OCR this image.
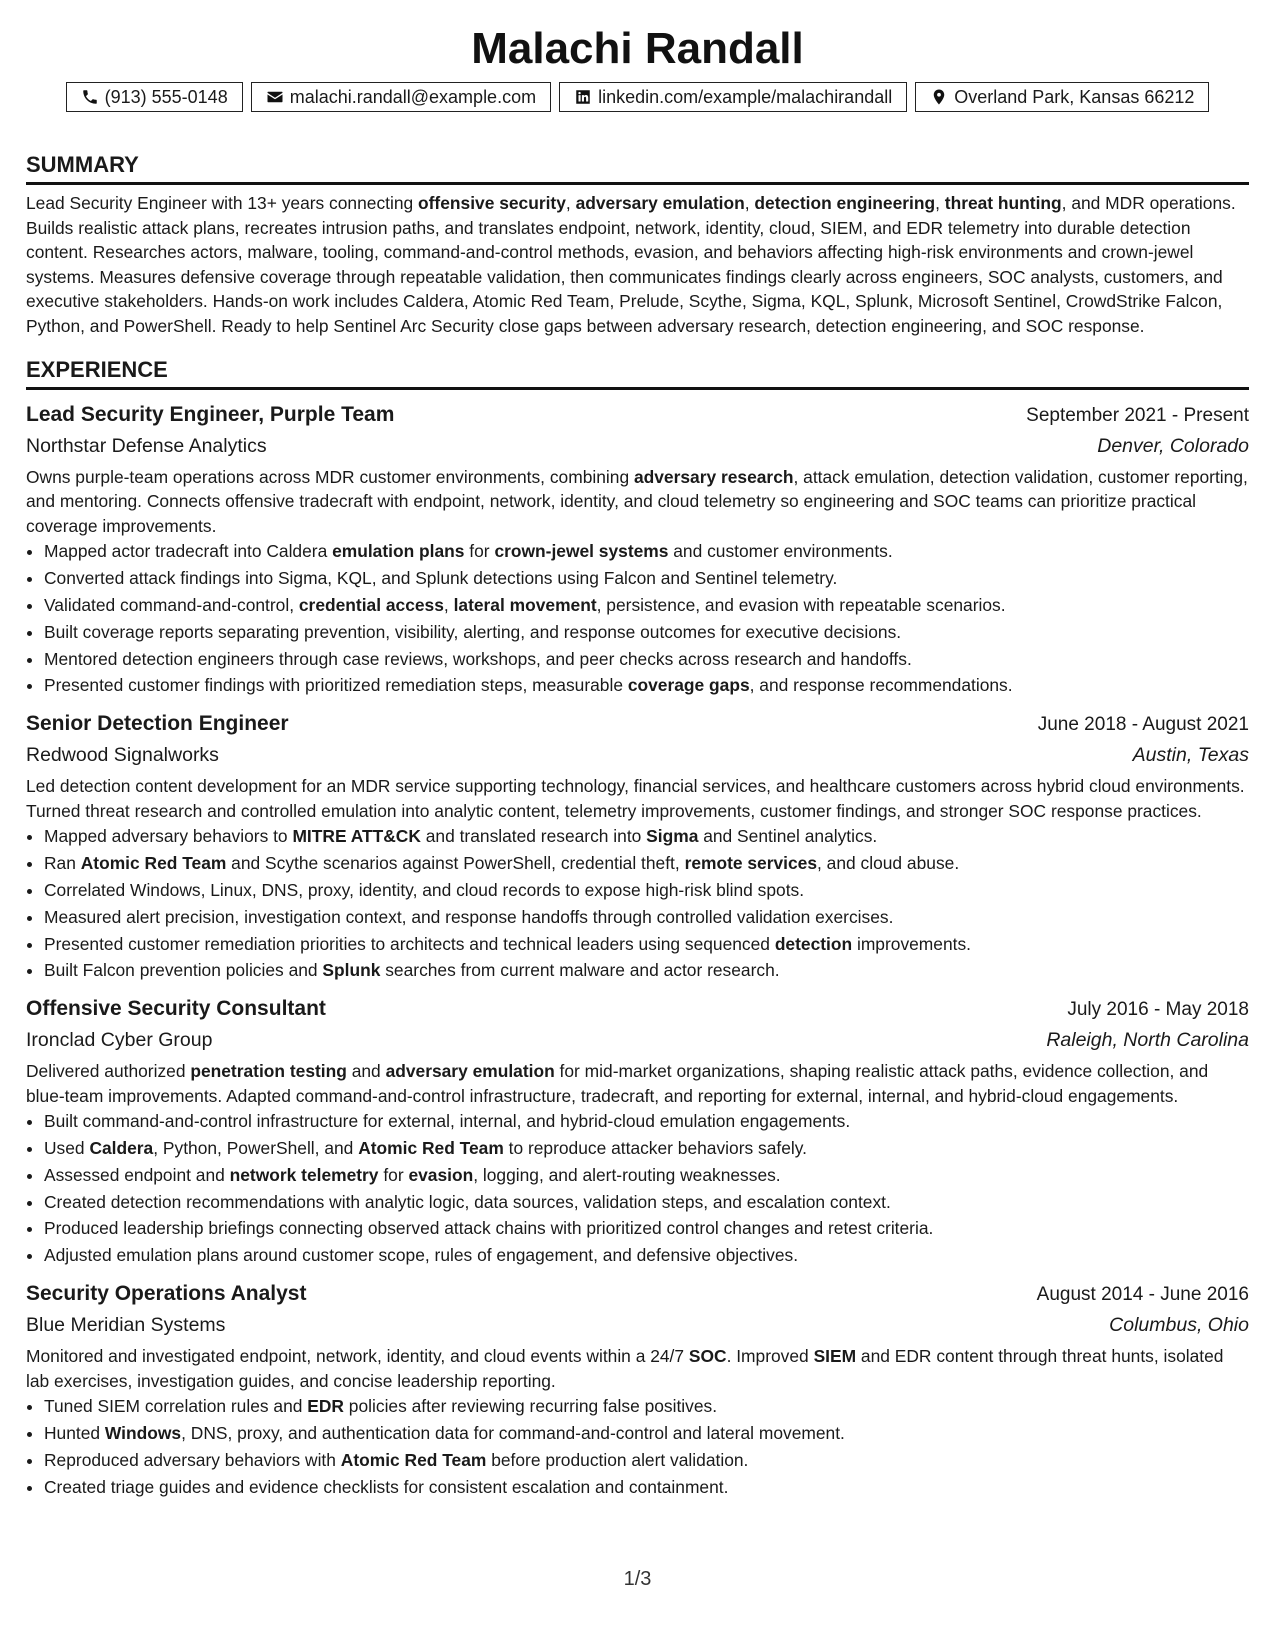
Malachi Randall
(913) 555-0148	malachi.randall@example.com	linkedin.com/example/malachirandall	Overland Park, Kansas 66212
SUMMARY

Lead Security Engineer with 13+ years connecting offensive security, adversary emulation, detection engineering, threat hunting, and MDR operations. Builds realistic attack plans, recreates intrusion paths, and translates endpoint, network, identity, cloud, SIEM, and EDR telemetry into durable detection content. Researches actors, malware, tooling, command-and-control methods, evasion, and behaviors affecting high-risk environments and crown-jewel systems. Measures defensive coverage through repeatable validation, then communicates findings clearly across engineers, SOC analysts, customers, and executive stakeholders. Hands-on work includes Caldera, Atomic Red Team, Prelude, Scythe, Sigma, KQL, Splunk, Microsoft Sentinel, CrowdStrike Falcon, Python, and PowerShell. Ready to help Sentinel Arc Security close gaps between adversary research, detection engineering, and SOC response.

EXPERIENCE
Lead Security Engineer, Purple Team	September 2021 - Present
Northstar Defense Analytics	Denver, Colorado

Owns purple-team operations across MDR customer environments, combining adversary research, attack emulation, detection validation, customer reporting, and mentoring. Connects offensive tradecraft with endpoint, network, identity, and cloud telemetry so engineering and SOC teams can prioritize practical coverage improvements.

• Mapped actor tradecraft into Caldera emulation plans for crown-jewel systems and customer environments.
• Converted attack findings into Sigma, KQL, and Splunk detections using Falcon and Sentinel telemetry.
• Validated command-and-control, credential access, lateral movement, persistence, and evasion with repeatable scenarios.
• Built coverage reports separating prevention, visibility, alerting, and response outcomes for executive decisions.
• Mentored detection engineers through case reviews, workshops, and peer checks across research and handoffs.
• Presented customer findings with prioritized remediation steps, measurable coverage gaps, and response recommendations.
Senior Detection Engineer	June 2018 - August 2021
Redwood Signalworks	Austin, Texas

Led detection content development for an MDR service supporting technology, financial services, and healthcare customers across hybrid cloud environments. Turned threat research and controlled emulation into analytic content, telemetry improvements, customer findings, and stronger SOC response practices.

• Mapped adversary behaviors to MITRE ATT&CK and translated research into Sigma and Sentinel analytics.
• Ran Atomic Red Team and Scythe scenarios against PowerShell, credential theft, remote services, and cloud abuse.
• Correlated Windows, Linux, DNS, proxy, identity, and cloud records to expose high-risk blind spots.
• Measured alert precision, investigation context, and response handoffs through controlled validation exercises.
• Presented customer remediation priorities to architects and technical leaders using sequenced detection improvements.
• Built Falcon prevention policies and Splunk searches from current malware and actor research.
Offensive Security Consultant	July 2016 - May 2018
Ironclad Cyber Group	Raleigh, North Carolina

Delivered authorized penetration testing and adversary emulation for mid-market organizations, shaping realistic attack paths, evidence collection, and blue-team improvements. Adapted command-and-control infrastructure, tradecraft, and reporting for external, internal, and hybrid-cloud engagements.

• Built command-and-control infrastructure for external, internal, and hybrid-cloud emulation engagements.
• Used Caldera, Python, PowerShell, and Atomic Red Team to reproduce attacker behaviors safely.
• Assessed endpoint and network telemetry for evasion, logging, and alert-routing weaknesses.
• Created detection recommendations with analytic logic, data sources, validation steps, and escalation context.
• Produced leadership briefings connecting observed attack chains with prioritized control changes and retest criteria.
• Adjusted emulation plans around customer scope, rules of engagement, and defensive objectives.
Security Operations Analyst	August 2014 - June 2016
Blue Meridian Systems	Columbus, Ohio

Monitored and investigated endpoint, network, identity, and cloud events within a 24/7 SOC. Improved SIEM and EDR content through threat hunts, isolated lab exercises, investigation guides, and concise leadership reporting.

• Tuned SIEM correlation rules and EDR policies after reviewing recurring false positives.
• Hunted Windows, DNS, proxy, and authentication data for command-and-control and lateral movement.
• Reproduced adversary behaviors with Atomic Red Team before production alert validation.
• Created triage guides and evidence checklists for consistent escalation and containment.
1/3
